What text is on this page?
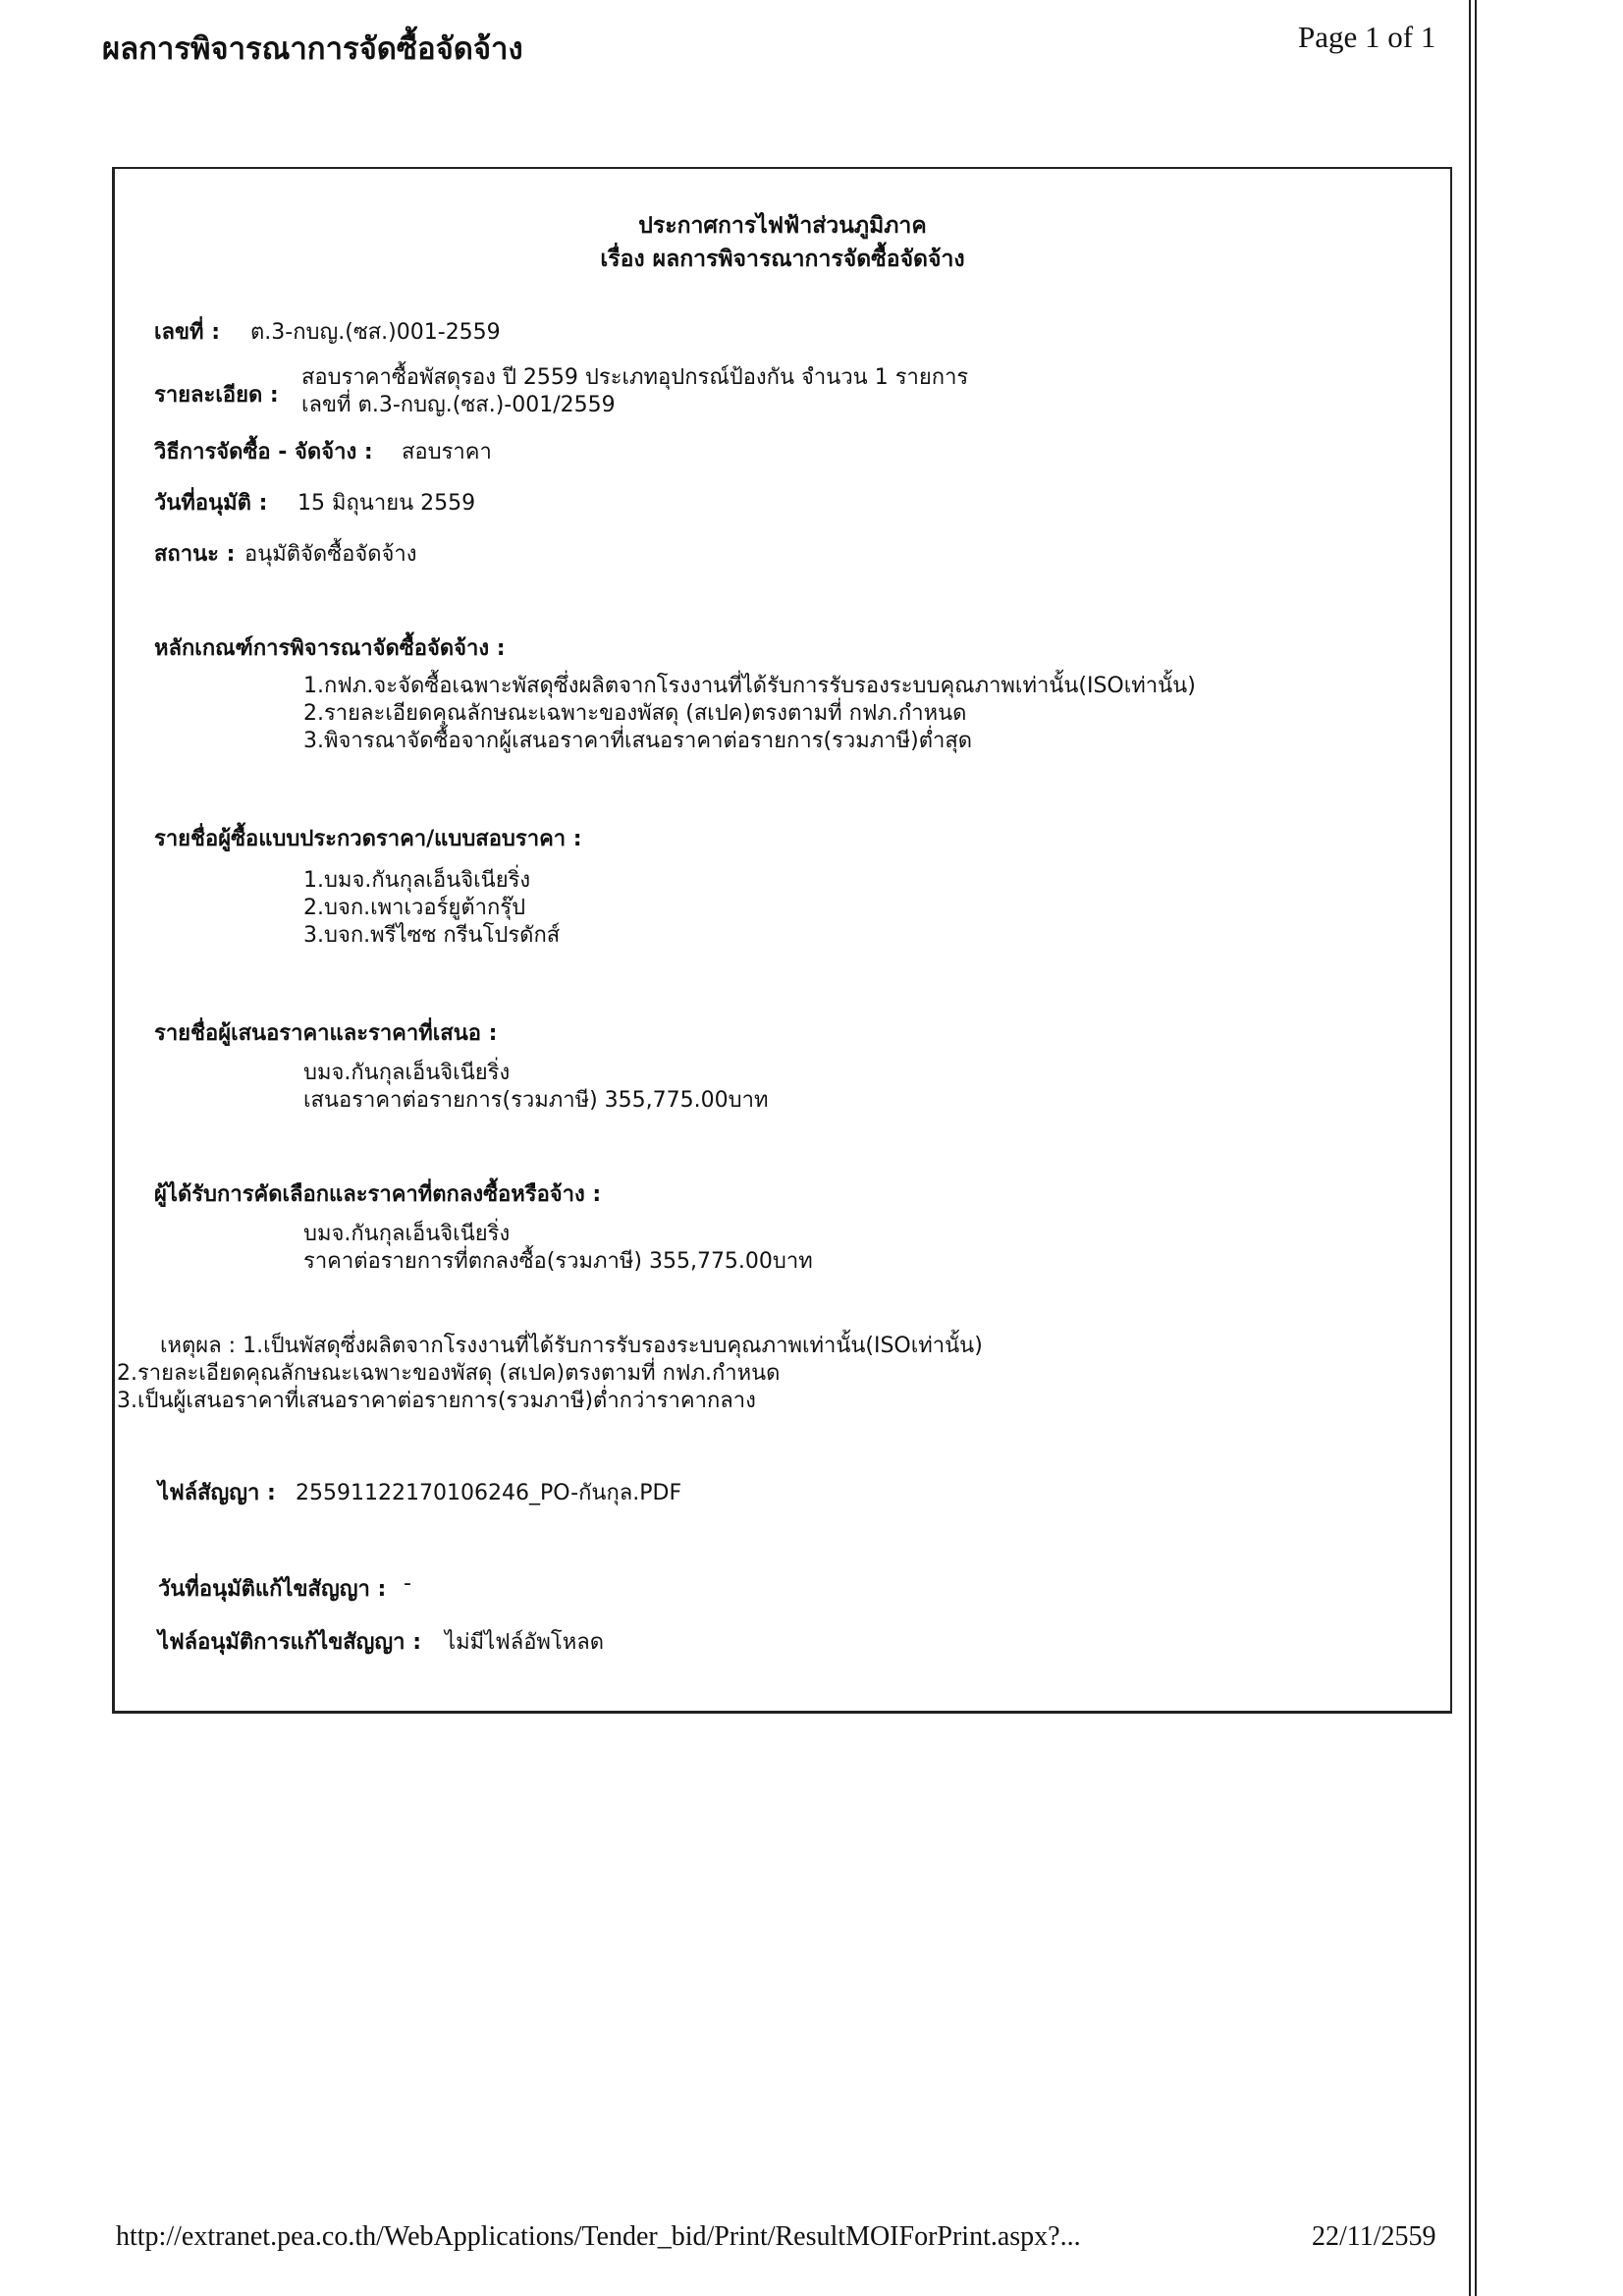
ผลการพิจารณาการจัดซื้อจัดจ้าง	Page 1 of 1
ประกาศการไฟฟ้าส่วนภูมิภาค
เรื่อง ผลการพิจารณาการจัดซื้อจัดจ้าง
เลขที่ : ต.3-กบญ.(ซส.)001-2559
รายละเอียด :
สอบราคาซื้อพัสดุรอง ปี 2559 ประเภทอุปกรณ์ป้องกัน จำนวน 1 รายการ
เลขที่ ต.3-กบญ.(ซส.)-001/2559
วิธีการจัดซื้อ - จัดจ้าง : สอบราคา
วันที่อนุมัติ : 15 มิถุนายน 2559
สถานะ : อนุมัติจัดซื้อจัดจ้าง
หลักเกณฑ์การพิจารณาจัดซื้อจัดจ้าง :
1.กฟภ.จะจัดซื้อเฉพาะพัสดุซึ่งผลิตจากโรงงานที่ได้รับการรับรองระบบคุณภาพเท่านั้น(ISOเท่านั้น)
2.รายละเอียดคุณลักษณะเฉพาะของพัสดุ (สเปค)ตรงตามที่ กฟภ.กำหนด
3.พิจารณาจัดซื้อจากผู้เสนอราคาที่เสนอราคาต่อรายการ(รวมภาษี)ต่ำสุด
รายชื่อผู้ซื้อแบบประกวดราคา/แบบสอบราคา :
1.บมจ.กันกุลเอ็นจิเนียริ่ง
2.บจก.เพาเวอร์ยูต้ากรุ๊ป
3.บจก.พรีไซซ กรีนโปรดักส์
รายชื่อผู้เสนอราคาและราคาที่เสนอ :
บมจ.กันกุลเอ็นจิเนียริ่ง
เสนอราคาต่อรายการ(รวมภาษี) 355,775.00บาท
ผู้ได้รับการคัดเลือกและราคาที่ตกลงซื้อหรือจ้าง :
บมจ.กันกุลเอ็นจิเนียริ่ง
ราคาต่อรายการที่ตกลงซื้อ(รวมภาษี) 355,775.00บาท
เหตุผล : 1.เป็นพัสดุซึ่งผลิตจากโรงงานที่ได้รับการรับรองระบบคุณภาพเท่านั้น(ISOเท่านั้น)
2.รายละเอียดคุณลักษณะเฉพาะของพัสดุ (สเปค)ตรงตามที่ กฟภ.กำหนด
3.เป็นผู้เสนอราคาที่เสนอราคาต่อรายการ(รวมภาษี)ต่ำกว่าราคากลาง
ไฟล์สัญญา : 25591122170106246_PO-กันกุล.PDF
วันที่อนุมัติแก้ไขสัญญา : -
ไฟล์อนุมัติการแก้ไขสัญญา : ไม่มีไฟล์อัพโหลด
http://extranet.pea.co.th/WebApplications/Tender_bid/Print/ResultMOIForPrint.aspx?...	22/11/2559
